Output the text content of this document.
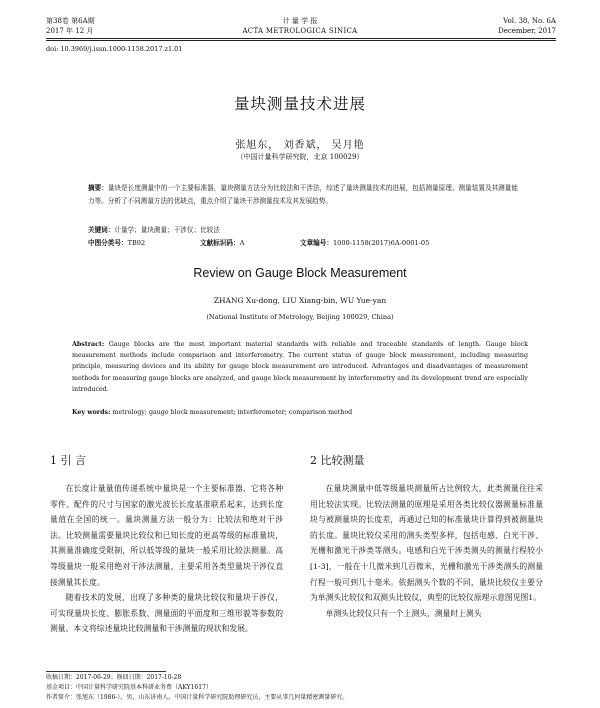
第38卷 第6A期
2017 年 12 月
计 量 学 报
ACTA METROLOGICA SINICA
Vol. 38, No. 6A
December, 2017
doi: 10.3969/j.issn.1000-1158.2017.z1.01
量块测量技术进展
张旭东， 刘香斌， 吴月艳
（中国计量科学研究院，北京 100029）
摘要：量块是长度测量中的一个主要标准器，量块测量方法分为比较法和干涉法，综述了量块测量技术的进展，包括测量原理、测量装置及其测量能力等。分析了不同测量方法的优缺点，重点介绍了量块干涉测量技术及其发展趋势。
关键词：计量学；量块测量；干涉仪；比较法
中图分类号：TB92	文献标识码：A	文章编号：1000-1158(2017)6A-0001-05
Review on Gauge Block Measurement
ZHANG Xu-dong, LIU Xiang-bin, WU Yue-yan
(National Institute of Metrology, Beijing 100029, China)
Abstract: Gauge blocks are the most important material standards with reliable and traceable standards of length. Gauge block measurement methods include comparison and interferometry. The current status of gauge block measurement, including measuring principle, measuring devices and its ability for gauge block measurement are introduced. Advantages and disadvantages of measurement methods for measuring gauge blocks are analyzed, and gauge block measurement by interferometry and its development trend are especially introduced.
Key words: metrology; gauge block measurement; interferometer; comparison method
1 引 言	2 比较测量

在长度计量量值传递系统中量块是一个主要标准器，它将各种零件、配件的尺寸与国家的激光波长长度基准联系起来，达到长度量值在全国的统一。量块测量方法一般分为：比较法和绝对干涉法。比较测量需要量块比较仪和已知长度的更高等级的标准量块，其测量准确度受限制，所以低等级的量块一般采用比较法测量。高等级量块一般采用绝对干涉法测量，主要采用各类型量块干涉仪直接测量其长度。

随着技术的发展，出现了多种类的量块比较仪和量块干涉仪，可实现量块长度、膨胀系数、测量面的平面度和三维形貌等参数的测量。本文将综述量块比较测量和干涉测量的现状和发展。

在量块测量中低等级量块测量所占比例较大，此类测量往往采用比较法实现。比较法测量的原理是采用各类比较仪器测量标准量块与被测量块的长度差，再通过已知的标准量块计算得到被测量块的长度。量块比较仪采用的测头类型多样，包括电感、白光干涉、光栅和激光干涉类等测头。电感和白光干涉类测头的测量行程较小[1-3]，一般在十几微米到几百微米，光栅和激光干涉类测头的测量行程一般可到几十毫米。依据测头个数的不同，量块比较仪主要分为单测头比较仪和双测头比较仪，典型的比较仪原理示意图见图1。

单测头比较仪只有一个上测头，测量时上测头

收稿日期：2017-06-29；修回日期：2017-10-28
基金项目：中国计量科学研究院基本科研业务费（AKY1617）
作者简介：张旭东（1986-），男，山东济南人，中国计量科学研究院助理研究员，主要从事几何量精密测量研究。
